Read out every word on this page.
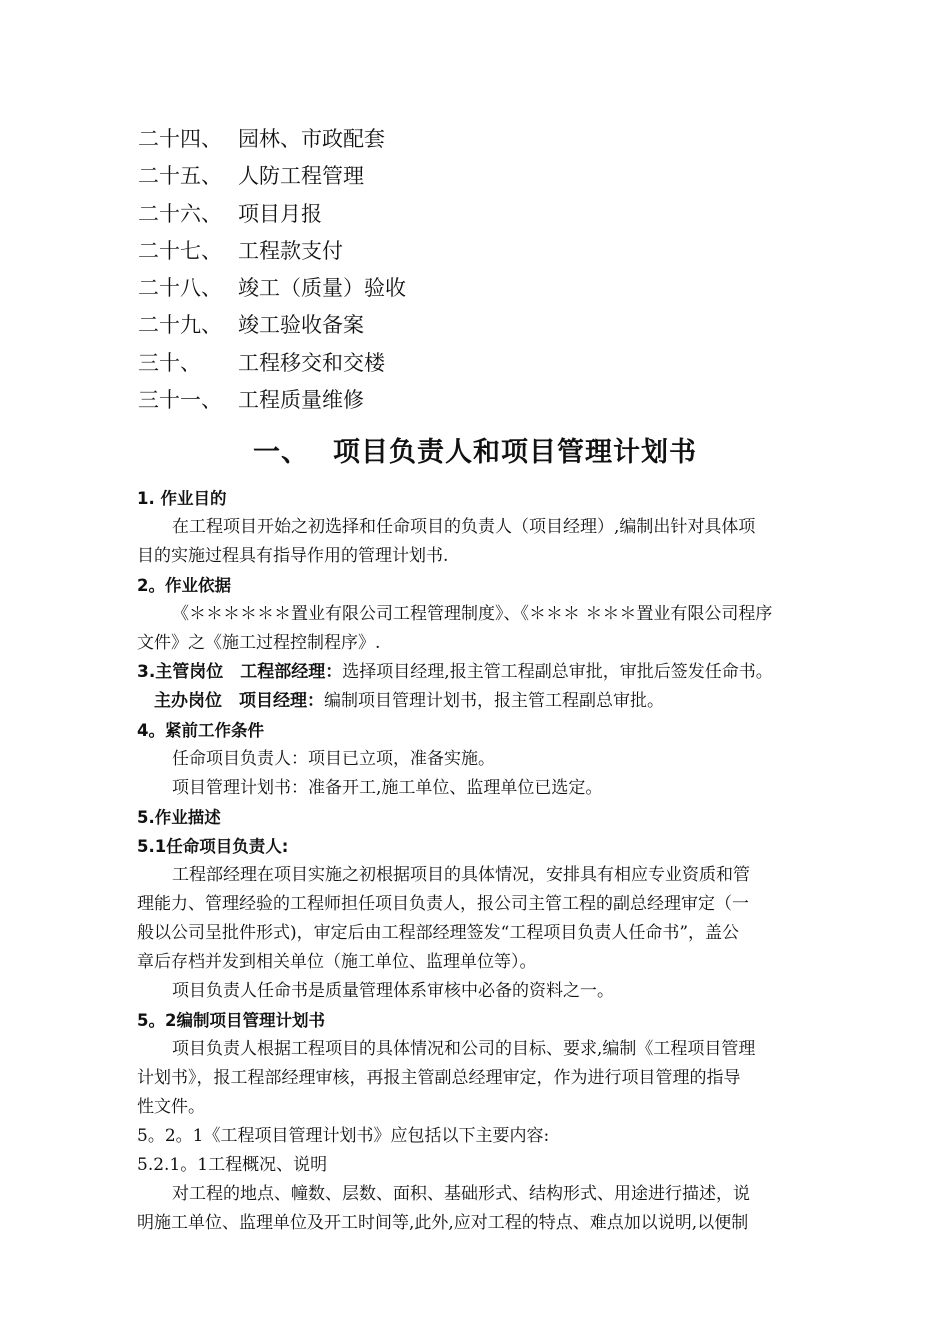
二十四、 园林、市政配套
二十五、 人防工程管理
二十六、 项目月报
二十七、 工程款支付
二十八、 竣工（质量）验收
二十九、 竣工验收备案
三十、 工程移交和交楼
三十一、 工程质量维修
一、 项目负责人和项目管理计划书
1. 作业目的
在工程项目开始之初选择和任命项目的负责人（项目经理）,编制出针对具体项
目的实施过程具有指导作用的管理计划书.
2。作业依据
《＊＊＊＊＊＊置业有限公司工程管理制度》、《＊＊＊ ＊＊＊置业有限公司程序
文件》之《施工过程控制程序》.
3.主管岗位　工程部经理：选择项目经理,报主管工程副总审批，审批后签发任命书。
主办岗位　项目经理：编制项目管理计划书，报主管工程副总审批。
4。紧前工作条件
任命项目负责人：项目已立项，准备实施。
项目管理计划书：准备开工,施工单位、监理单位已选定。
5.作业描述
5.1任命项目负责人:
工程部经理在项目实施之初根据项目的具体情况，安排具有相应专业资质和管
理能力、管理经验的工程师担任项目负责人，报公司主管工程的副总经理审定（一
般以公司呈批件形式)，审定后由工程部经理签发“工程项目负责人任命书”，盖公
章后存档并发到相关单位（施工单位、监理单位等）。
项目负责人任命书是质量管理体系审核中必备的资料之一。
5。2编制项目管理计划书
项目负责人根据工程项目的具体情况和公司的目标、要求,编制《工程项目管理
计划书》，报工程部经理审核，再报主管副总经理审定，作为进行项目管理的指导
性文件。
5。2。1《工程项目管理计划书》应包括以下主要内容:
5.2.1。1工程概况、说明
对工程的地点、幢数、层数、面积、基础形式、结构形式、用途进行描述，说
明施工单位、监理单位及开工时间等,此外,应对工程的特点、难点加以说明,以便制
